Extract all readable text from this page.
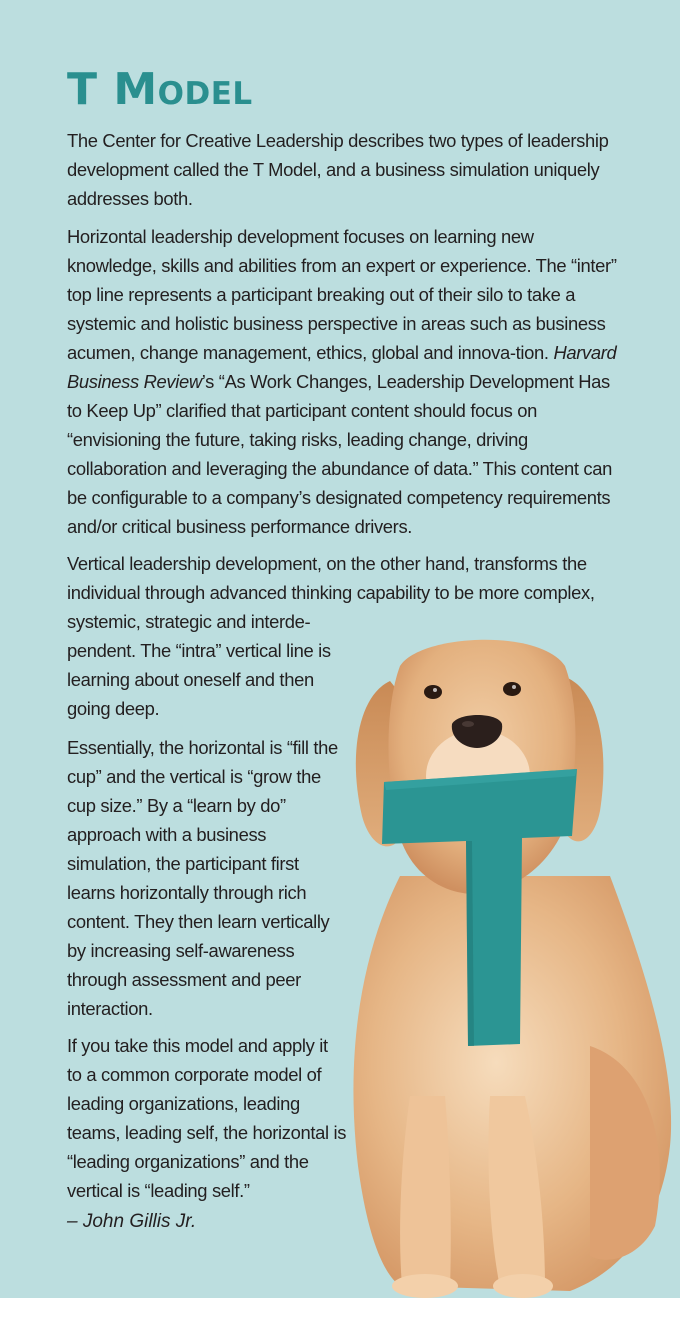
T Model

The Center for Creative Leadership describes two types of leadership development called the T Model, and a business simulation uniquely addresses both.

Horizontal leadership development focuses on learning new knowledge, skills and abilities from an expert or experience. The “inter” top line represents a participant breaking out of their silo to take a systemic and holistic business perspective in areas such as business acumen, change management, ethics, global and innova-tion. Harvard Business Review’s “As Work Changes, Leadership Development Has to Keep Up” clarified that participant content should focus on “envisioning the future, taking risks, leading change, driving collaboration and leveraging the abundance of data.” This content can be configurable to a company’s designated competency requirements and/or critical business performance drivers.

Vertical leadership development, on the other hand, transforms the

individual through advanced thinking capability to be more complex,

systemic, strategic and interde-pendent. The “intra” vertical line is learning about oneself and then going deep.

Essentially, the horizontal is “fill the cup” and the vertical is “grow the cup size.” By a “learn by do” approach with a business simulation, the participant first learns horizontally through rich content. They then learn vertically by increasing self-awareness through assessment and peer interaction.

If you take this model and apply it to a common corporate model of leading organizations, leading teams, leading self, the horizontal is “leading organizations” and the vertical is “leading self.”

– John Gillis Jr.
